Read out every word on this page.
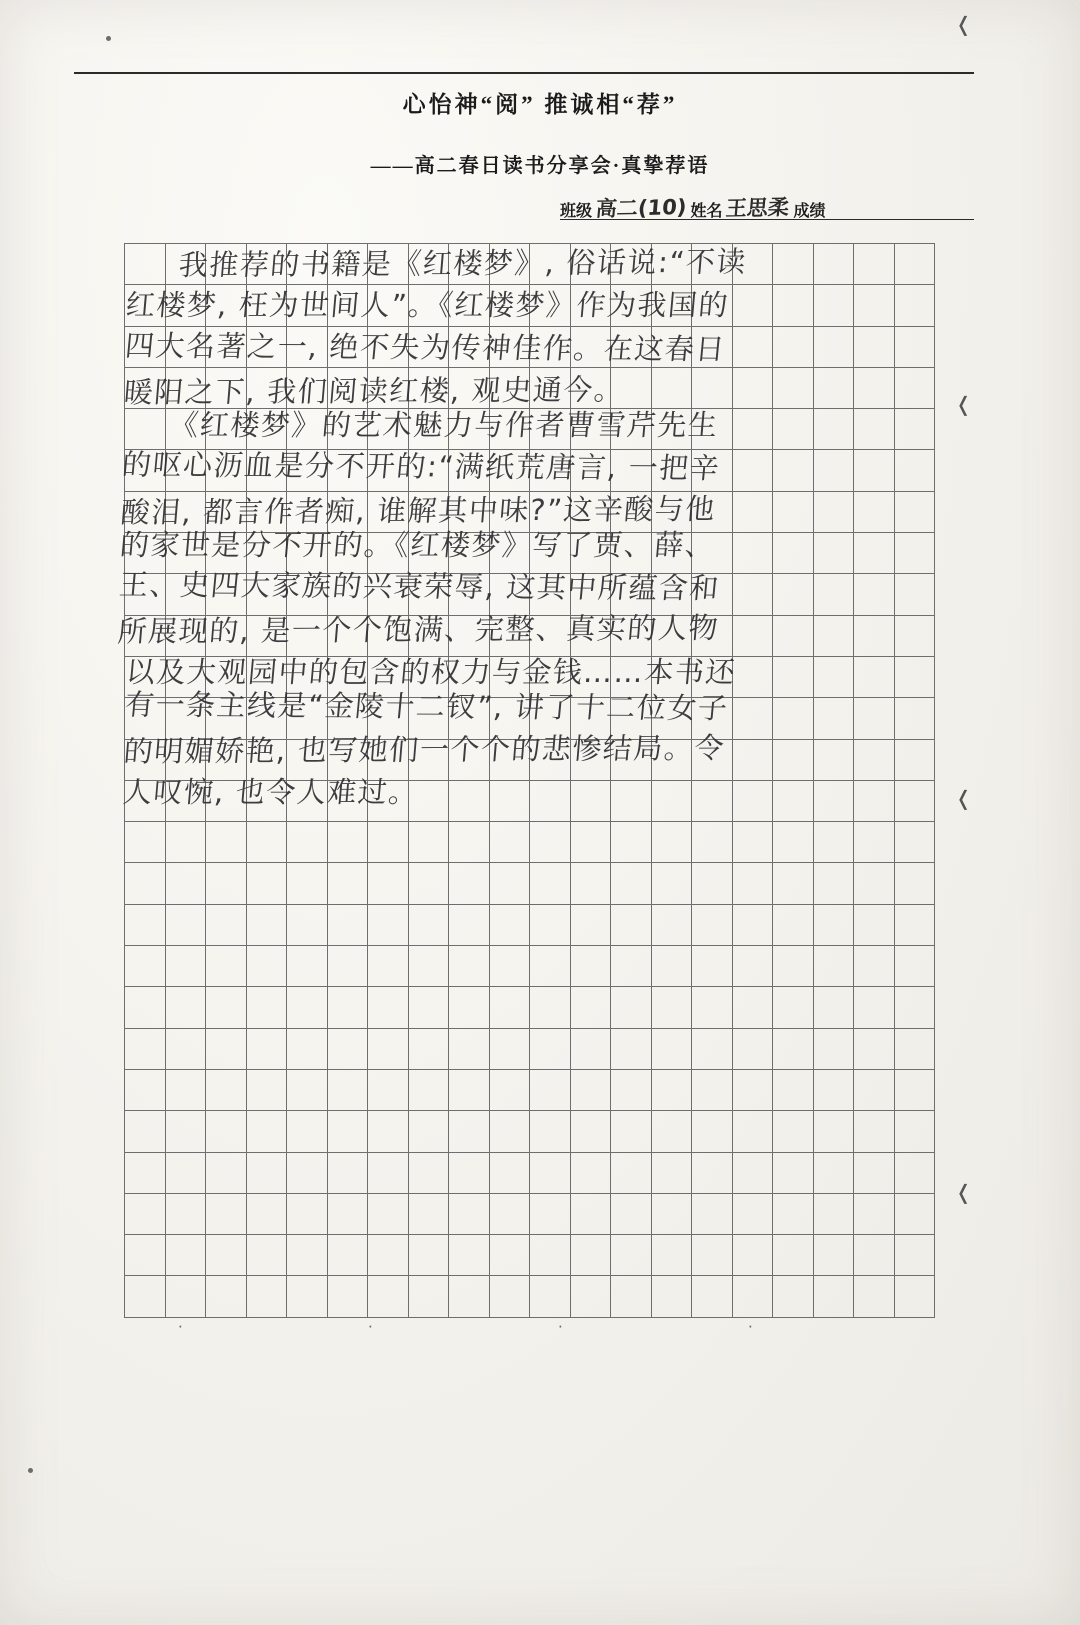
心怡神“阅” 推诚相“荐”
——高二春日读书分享会·真挚荐语
班级 高二(10) 姓名 王思柔 成绩

　　我推荐的书籍是《红楼梦》, 俗话说:“不读
红楼梦, 枉为世间人”。《红楼梦》作为我国的
四大名著之一, 绝不失为传神佳作。在这春日
暖阳之下, 我们阅读红楼, 观史通今。
　　《红楼梦》的艺术魅力与作者曹雪芹先生
的呕心沥血是分不开的:“满纸荒唐言, 一把辛
酸泪, 都言作者痴, 谁解其中味?”这辛酸与他
的家世是分不开的。《红楼梦》写了贾、薛、
王、史四大家族的兴衰荣辱, 这其中所蕴含和
所展现的, 是一个个饱满、完整、真实的人物
以及大观园中的包含的权力与金钱……本书还
有一条主线是“金陵十二钗”, 讲了十二位女子
的明媚娇艳, 也写她们一个个的悲惨结局。令
人叹惋, 也令人难过。
❬
❬
❬
❬
·	·	·	·
